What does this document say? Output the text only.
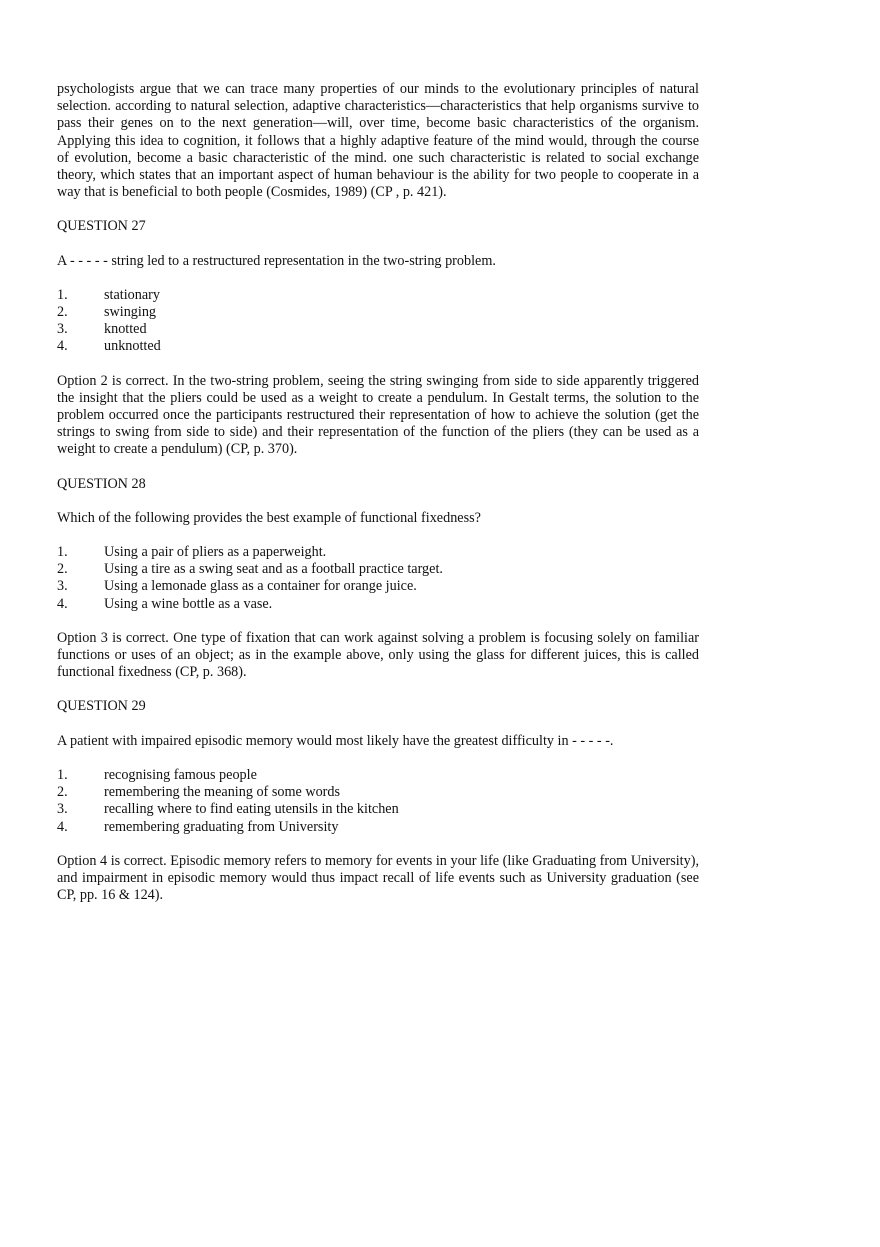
psychologists argue that we can trace many properties of our minds to the evolutionary principles of natural selection. according to natural selection, adaptive characteristics—characteristics that help organisms survive to pass their genes on to the next generation—will, over time, become basic characteristics of the organism. Applying this idea to cognition, it follows that a highly adaptive feature of the mind would, through the course of evolution, become a basic characteristic of the mind. one such characteristic is related to social exchange theory, which states that an important aspect of human behaviour is the ability for two people to cooperate in a way that is beneficial to both people (Cosmides, 1989) (CP , p. 421).

QUESTION 27

A - - - - - string led to a restructured representation in the two-string problem.

1.	stationary
2.	swinging
3.	knotted
4.	unknotted

Option 2 is correct. In the two-string problem, seeing the string swinging from side to side apparently triggered the insight that the pliers could be used as a weight to create a pendulum. In Gestalt terms, the solution to the problem occurred once the participants restructured their representation of how to achieve the solution (get the strings to swing from side to side) and their representation of the function of the pliers (they can be used as a weight to create a pendulum) (CP, p. 370).

QUESTION 28

Which of the following provides the best example of functional fixedness?

1.	Using a pair of pliers as a paperweight.
2.	Using a tire as a swing seat and as a football practice target.
3.	Using a lemonade glass as a container for orange juice.
4.	Using a wine bottle as a vase.

Option 3 is correct. One type of fixation that can work against solving a problem is focusing solely on familiar functions or uses of an object; as in the example above, only using the glass for different juices, this is called functional fixedness (CP, p. 368).

QUESTION 29

A patient with impaired episodic memory would most likely have the greatest difficulty in - - - - -.

1.	recognising famous people
2.	remembering the meaning of some words
3.	recalling where to find eating utensils in the kitchen
4.	remembering graduating from University

Option 4 is correct. Episodic memory refers to memory for events in your life (like Graduating from University), and impairment in episodic memory would thus impact recall of life events such as University graduation (see CP, pp. 16 & 124).
